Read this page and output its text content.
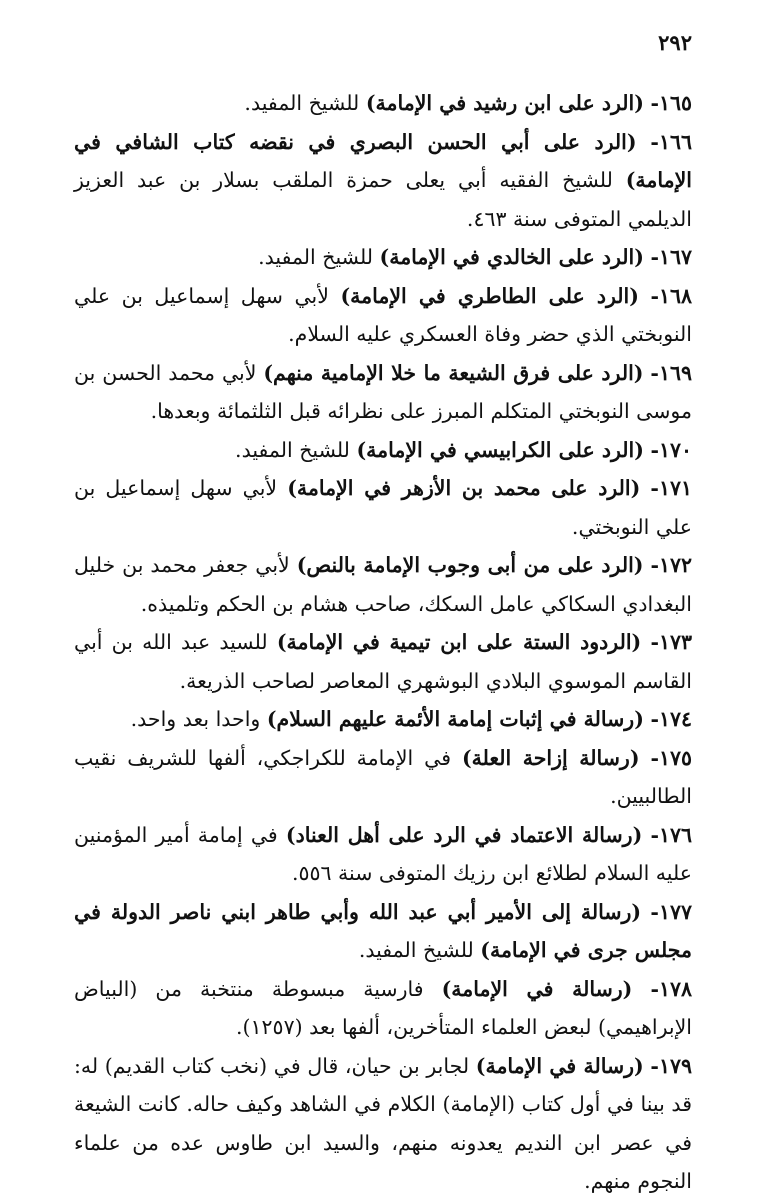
٢٩٢

١٦٥- (الرد على ابن رشيد في الإمامة) للشيخ المفيد.

١٦٦- (الرد على أبي الحسن البصري في نقضه كتاب الشافي في الإمامة) للشيخ الفقيه أبي يعلى حمزة الملقب بسلار بن عبد العزيز الديلمي المتوفى سنة ٤٦٣.

١٦٧- (الرد على الخالدي في الإمامة) للشيخ المفيد.

١٦٨- (الرد على الطاطري في الإمامة) لأبي سهل إسماعيل بن علي النوبختي الذي حضر وفاة العسكري عليه السلام.

١٦٩- (الرد على فرق الشيعة ما خلا الإمامية منهم) لأبي محمد الحسن بن موسى النوبختي المتكلم المبرز على نظرائه قبل الثلثمائة وبعدها.

١٧٠- (الرد على الكرابيسي في الإمامة) للشيخ المفيد.

١٧١- (الرد على محمد بن الأزهر في الإمامة) لأبي سهل إسماعيل بن علي النوبختي.

١٧٢- (الرد على من أبى وجوب الإمامة بالنص) لأبي جعفر محمد بن خليل البغدادي السكاكي عامل السكك، صاحب هشام بن الحكم وتلميذه.

١٧٣- (الردود الستة على ابن تيمية في الإمامة) للسيد عبد الله بن أبي القاسم الموسوي البلادي البوشهري المعاصر لصاحب الذريعة.

١٧٤- (رسالة في إثبات إمامة الأئمة عليهم السلام) واحدا بعد واحد.

١٧٥- (رسالة إزاحة العلة) في الإمامة للكراجكي، ألفها للشريف نقيب الطالبيين.

١٧٦- (رسالة الاعتماد في الرد على أهل العناد) في إمامة أمير المؤمنين عليه السلام لطلائع ابن رزيك المتوفى سنة ٥٥٦.

١٧٧- (رسالة إلى الأمير أبي عبد الله وأبي طاهر ابني ناصر الدولة في مجلس جرى في الإمامة) للشيخ المفيد.

١٧٨- (رسالة في الإمامة) فارسية مبسوطة منتخبة من (البياض الإبراهيمي) لبعض العلماء المتأخرين، ألفها بعد (١٢٥٧).

١٧٩- (رسالة في الإمامة) لجابر بن حيان، قال في (نخب كتاب القديم) له: قد بينا في أول كتاب (الإمامة) الكلام في الشاهد وكيف حاله. كانت الشيعة في عصر ابن النديم يعدونه منهم، والسيد ابن طاوس عده من علماء النجوم منهم.
